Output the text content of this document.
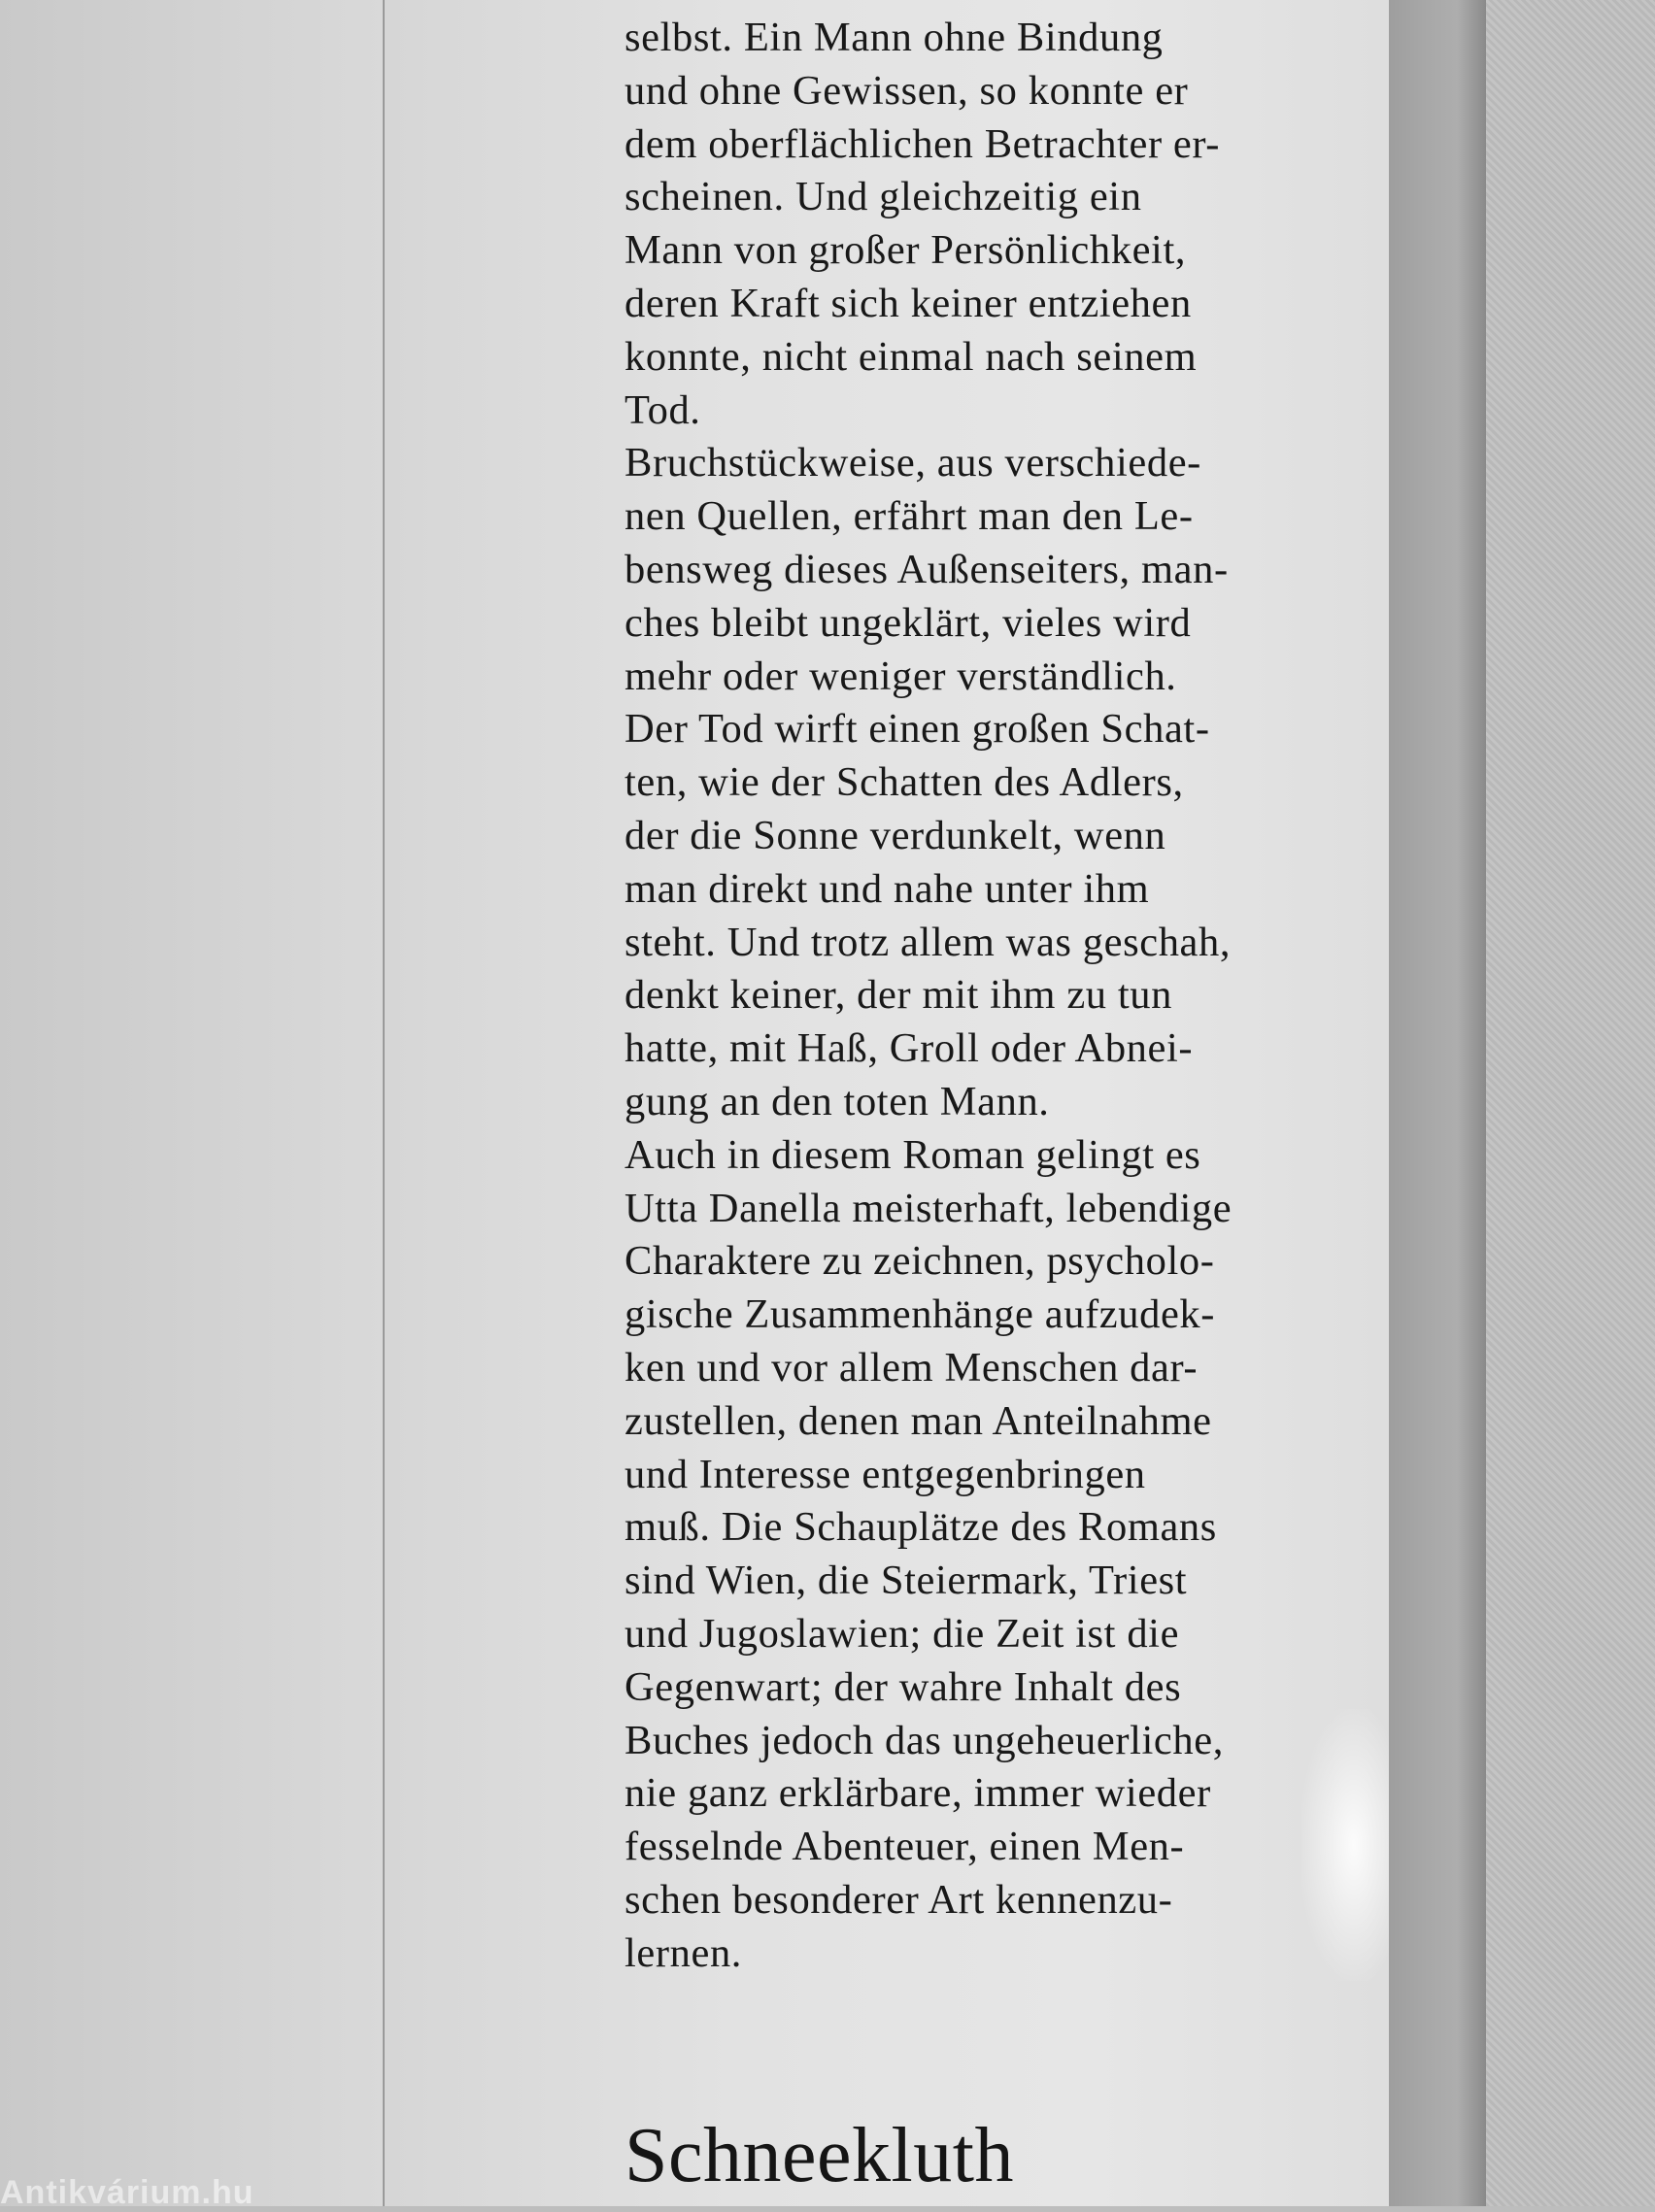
selbst. Ein Mann ohne Bindung
und ohne Gewissen, so konnte er
dem oberflächlichen Betrachter er-
scheinen. Und gleichzeitig ein
Mann von großer Persönlichkeit,
deren Kraft sich keiner entziehen
konnte, nicht einmal nach seinem
Tod.
Bruchstückweise, aus verschiede-
nen Quellen, erfährt man den Le-
bensweg dieses Außenseiters, man-
ches bleibt ungeklärt, vieles wird
mehr oder weniger verständlich.
Der Tod wirft einen großen Schat-
ten, wie der Schatten des Adlers,
der die Sonne verdunkelt, wenn
man direkt und nahe unter ihm
steht. Und trotz allem was geschah,
denkt keiner, der mit ihm zu tun
hatte, mit Haß, Groll oder Abnei-
gung an den toten Mann.
Auch in diesem Roman gelingt es
Utta Danella meisterhaft, lebendige
Charaktere zu zeichnen, psycholo-
gische Zusammenhänge aufzudek-
ken und vor allem Menschen dar-
zustellen, denen man Anteilnahme
und Interesse entgegenbringen
muß. Die Schauplätze des Romans
sind Wien, die Steiermark, Triest
und Jugoslawien; die Zeit ist die
Gegenwart; der wahre Inhalt des
Buches jedoch das ungeheuerliche,
nie ganz erklärbare, immer wieder
fesselnde Abenteuer, einen Men-
schen besonderer Art kennenzu-
lernen.
Schneekluth
Antikvárium.hu
